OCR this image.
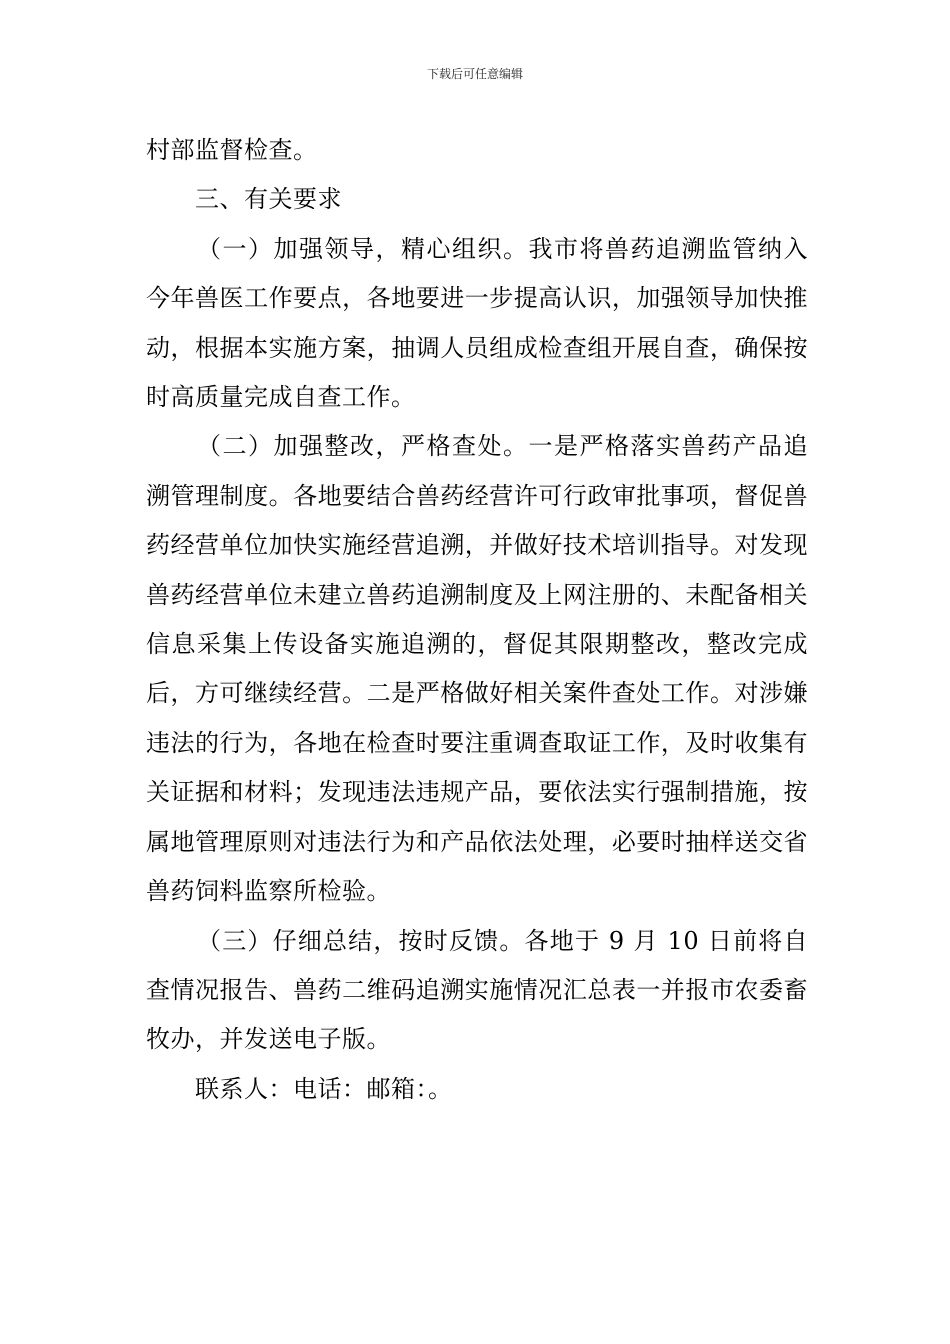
下载后可任意编辑

村部监督检查。

三、有关要求

（一）加强领导，精心组织。我市将兽药追溯监管纳入今年兽医工作要点，各地要进一步提高认识，加强领导加快推动，根据本实施方案，抽调人员组成检查组开展自查，确保按时高质量完成自查工作。

（二）加强整改，严格查处。一是严格落实兽药产品追溯管理制度。各地要结合兽药经营许可行政审批事项，督促兽药经营单位加快实施经营追溯，并做好技术培训指导。对发现兽药经营单位未建立兽药追溯制度及上网注册的、未配备相关信息采集上传设备实施追溯的，督促其限期整改，整改完成后，方可继续经营。二是严格做好相关案件查处工作。对涉嫌违法的行为，各地在检查时要注重调查取证工作，及时收集有关证据和材料；发现违法违规产品，要依法实行强制措施，按属地管理原则对违法行为和产品依法处理，必要时抽样送交省兽药饲料监察所检验。

（三）仔细总结，按时反馈。各地于 9 月 10 日前将自查情况报告、兽药二维码追溯实施情况汇总表一并报市农委畜牧办，并发送电子版。

联系人：电话：邮箱：。
